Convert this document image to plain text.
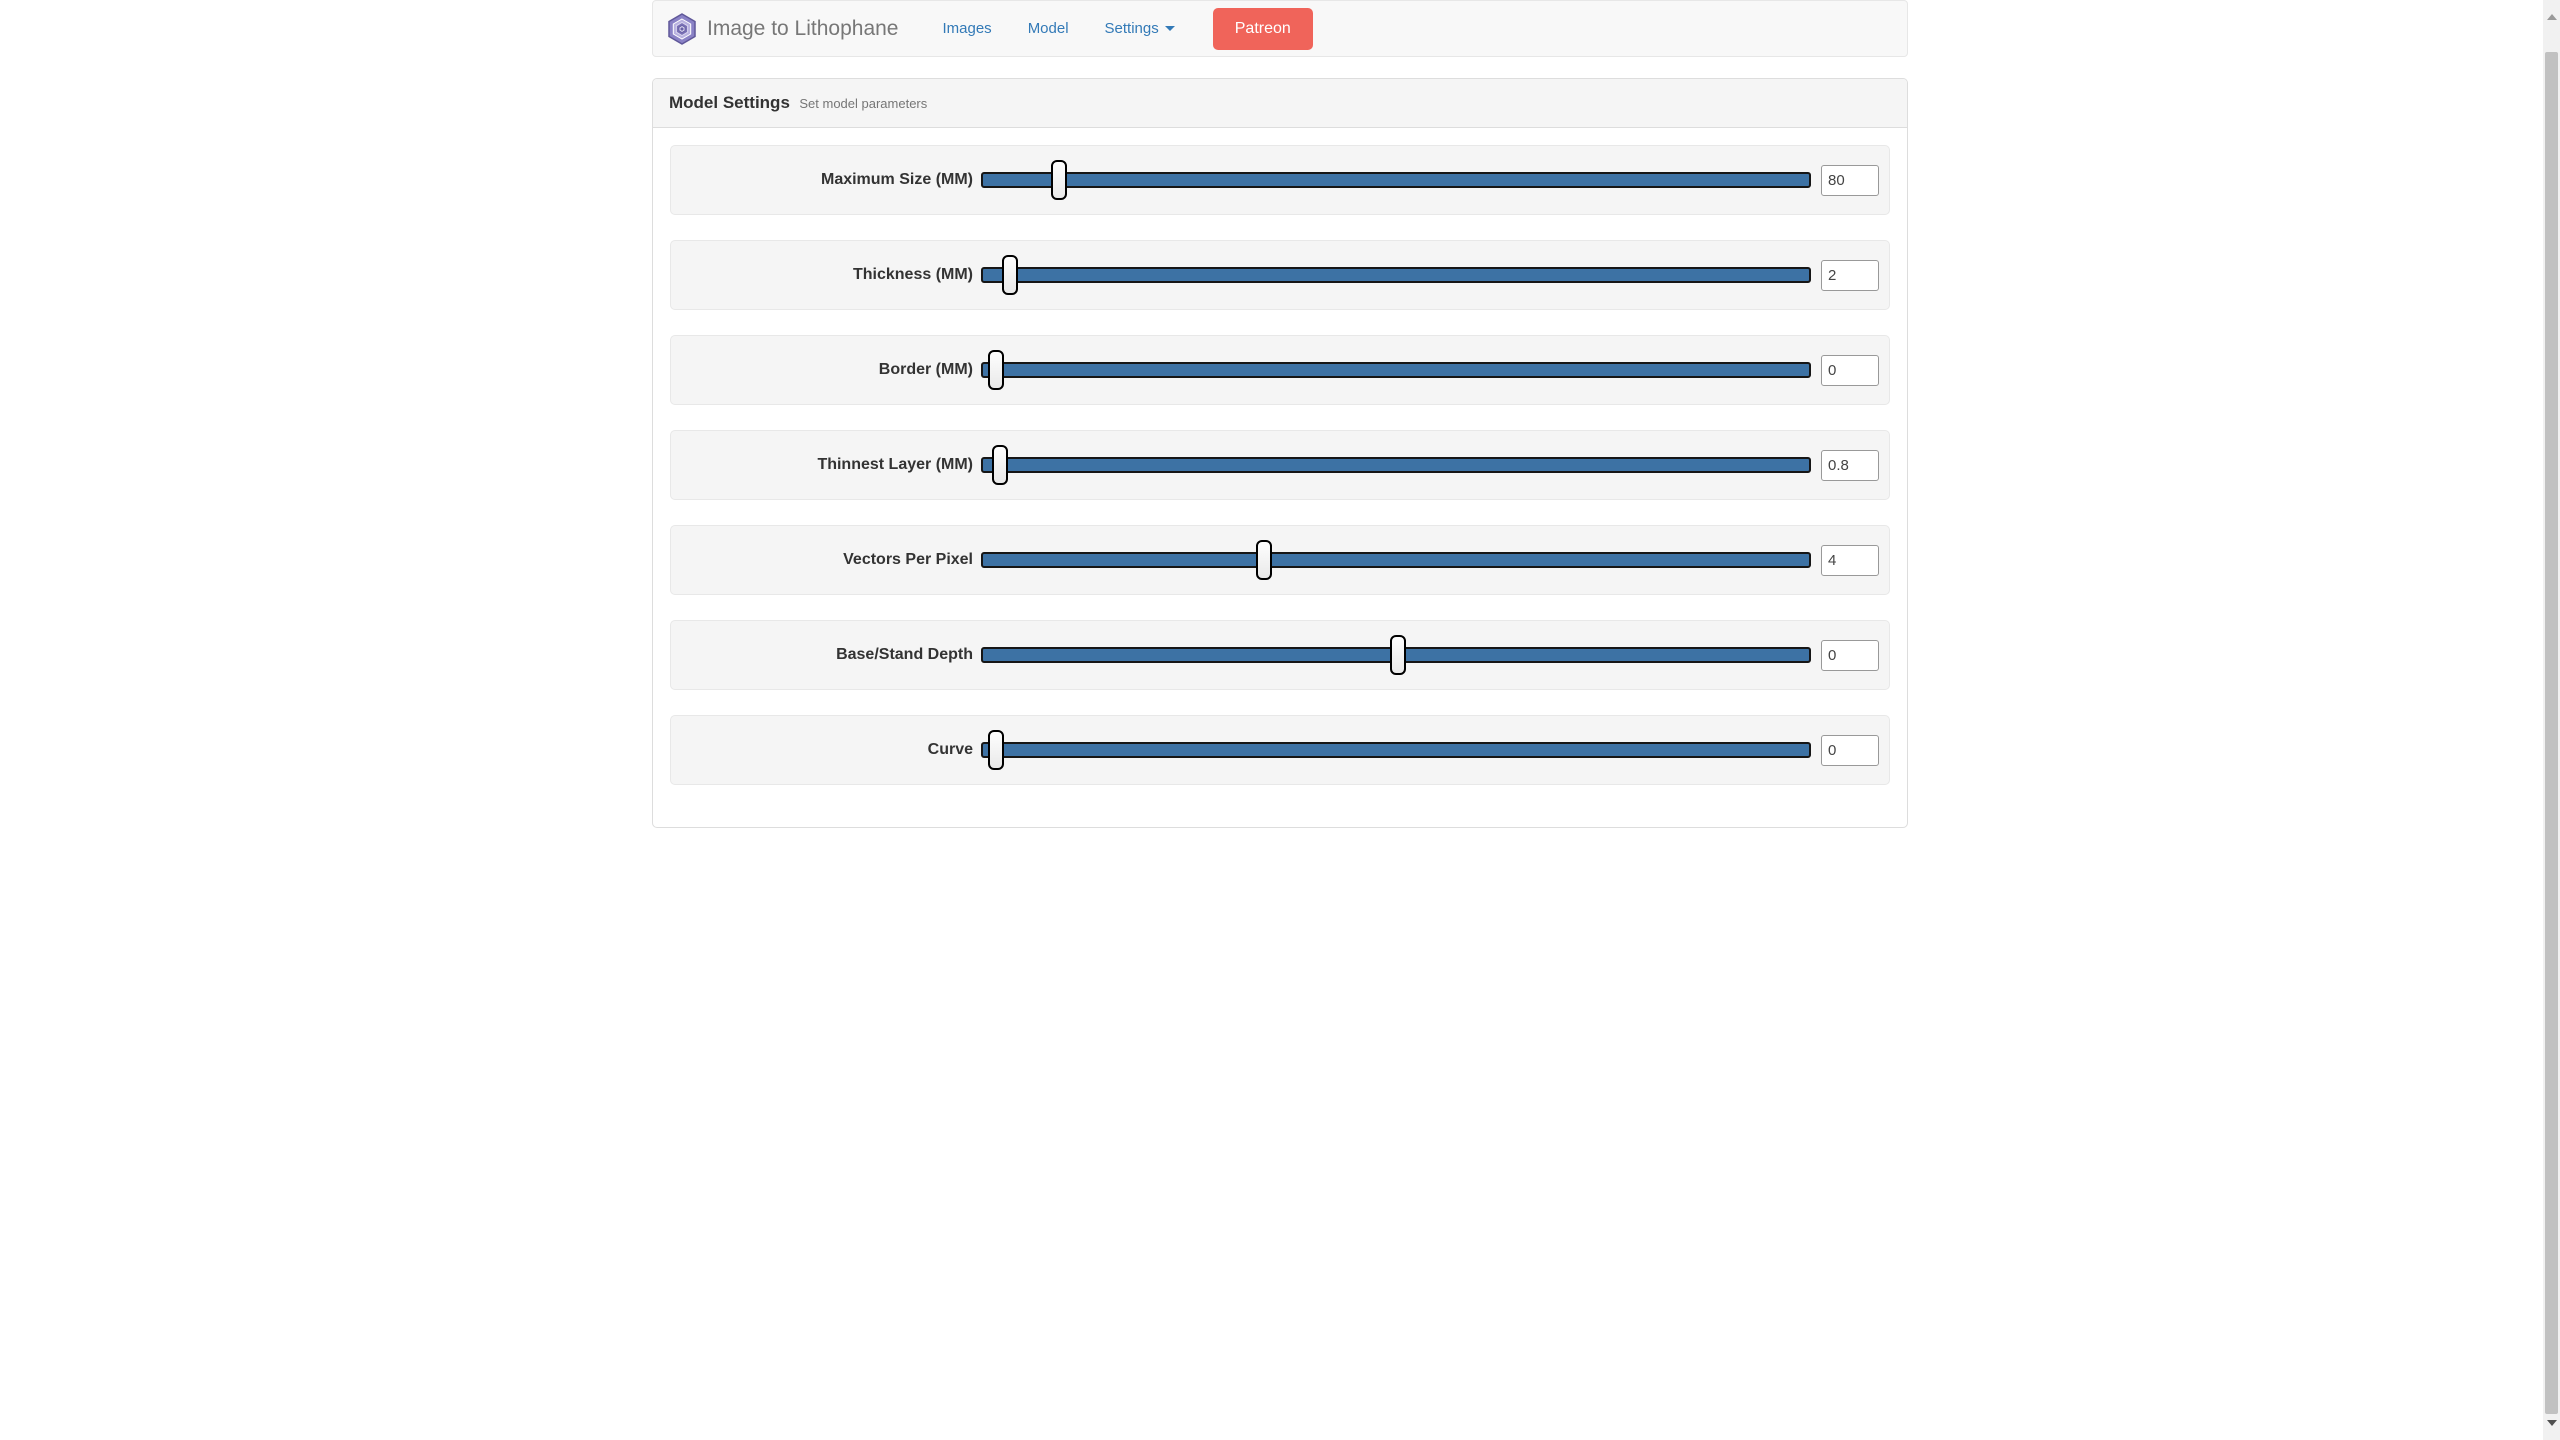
Image to Lithophane	Images Model Settings	Patreon
Model Settings Set model parameters
Maximum Size (MM)
80
Thickness (MM)
2
Border (MM)
0
Thinnest Layer (MM)
0.8
Vectors Per Pixel
4
Base/Stand Depth
0
Curve
0
